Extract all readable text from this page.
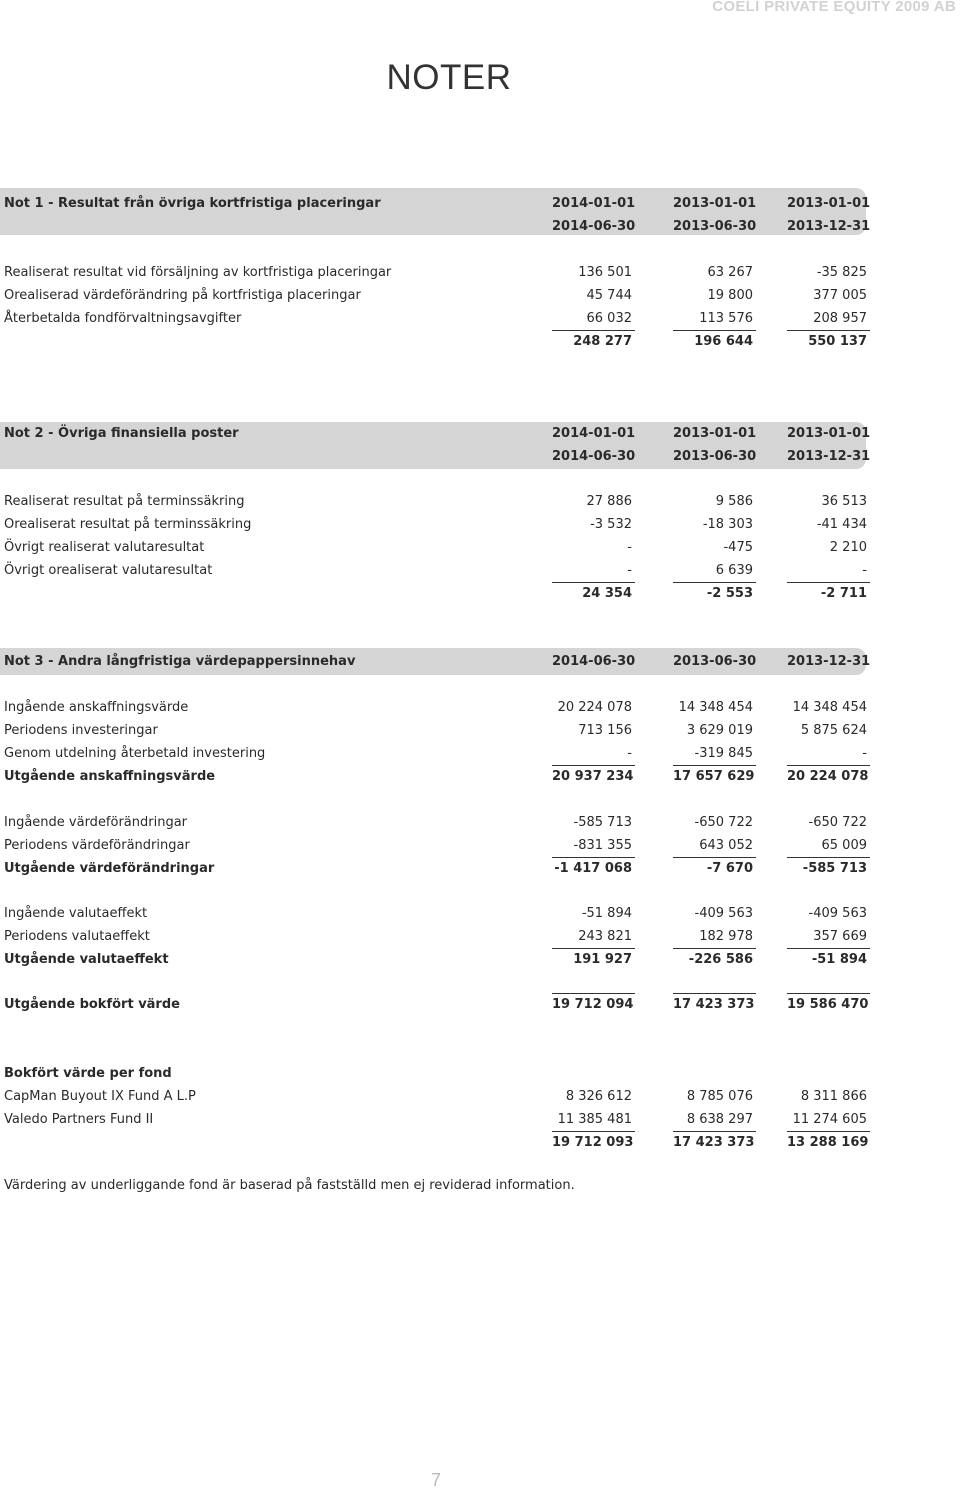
COELI PRIVATE EQUITY 2009 AB
NOTER
Not 1 - Resultat från övriga kortfristiga placeringar	2014-01-01	2013-01-01 2013-01-01
2014-06-30	2013-06-30 2013-12-31
Realiserat resultat vid försäljning av kortfristiga placeringar	136 501	63 267	-35 825
Orealiserad värdeförändring på kortfristiga placeringar	45 744	19 800	377 005
Återbetalda fondförvaltningsavgifter	66 032	113 576	208 957
248 277	196 644	550 137
Not 2 - Övriga finansiella poster	2014-01-01	2013-01-01 2013-01-01
2014-06-30	2013-06-30 2013-12-31
Realiserat resultat på terminssäkring	27 886	9 586	36 513
Orealiserat resultat på terminssäkring	-3 532	-18 303	-41 434
Övrigt realiserat valutaresultat	-	-475	2 210
Övrigt orealiserat valutaresultat	-	6 639	-
24 354	-2 553	-2 711
Not 3 - Andra långfristiga värdepappersinnehav	2014-06-30	2013-06-30 2013-12-31
Ingående anskaffningsvärde	20 224 078	14 348 454	14 348 454
Periodens investeringar	713 156	3 629 019	5 875 624
Genom utdelning återbetald investering	-	-319 845	-
Utgående anskaffningsvärde	20 937 234	17 657 629	20 224 078
Ingående värdeförändringar	-585 713	-650 722	-650 722
Periodens värdeförändringar	-831 355	643 052	65 009
Utgående värdeförändringar	-1 417 068	-7 670	-585 713
Ingående valutaeffekt	-51 894	-409 563	-409 563
Periodens valutaeffekt	243 821	182 978	357 669
Utgående valutaeffekt	191 927	-226 586	-51 894
Utgående bokfört värde	19 712 094	17 423 373	19 586 470
Bokfört värde per fond
CapMan Buyout IX Fund A L.P	8 326 612	8 785 076	8 311 866
Valedo Partners Fund II	11 385 481	8 638 297	11 274 605
19 712 093	17 423 373	13 288 169
Värdering av underliggande fond är baserad på fastställd men ej reviderad information.
7
